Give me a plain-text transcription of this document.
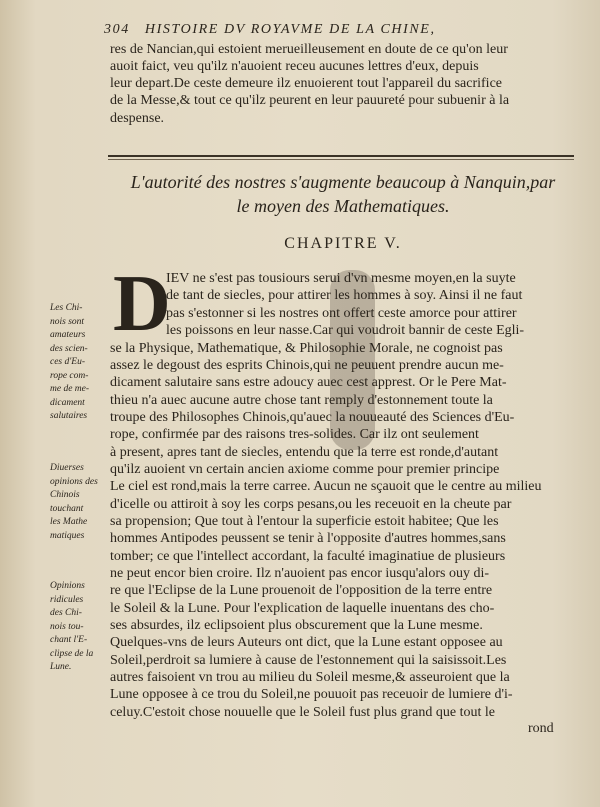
304 HISTOIRE DV ROYAVME DE LA CHINE,
res de Nancian,qui estoient merueilleusement en doute de ce qu'on leur
auoit faict, veu qu'ilz n'auoient receu aucunes lettres d'eux, depuis
leur depart.De ceste demeure ilz enuoierent tout l'appareil du sacrifice
de la Messe,& tout ce qu'ilz peurent en leur pauureté pour subuenir à la
despense.
L'autorité des nostres s'augmente beaucoup à Nanquin,par
le moyen des Mathematiques.
CHAPITRE V.
D
IEV ne s'est pas tousiours serui d'vn mesme moyen,en la suyte
de tant de siecles, pour attirer les hommes à soy. Ainsi il ne faut
pas s'estonner si les nostres ont offert ceste amorce pour attirer
les poissons en leur nasse.Car qui voudroit bannir de ceste Egli-
se la Physique, Mathematique, & Philosophie Morale, ne cognoist pas
assez le degoust des esprits Chinois,qui ne peuuent prendre aucun me-
dicament salutaire sans estre adoucy auec cest apprest. Or le Pere Mat-
thieu n'a auec aucune autre chose tant remply d'estonnement toute la
troupe des Philosophes Chinois,qu'auec la nouueauté des Sciences d'Eu-
rope, confirmée par des raisons tres-solides. Car ilz ont seulement
à present, apres tant de siecles, entendu que la terre est ronde,d'autant
qu'ilz auoient vn certain ancien axiome comme pour premier principe
Le ciel est rond,mais la terre carree. Aucun ne sçauoit que le centre au milieu
d'icelle ou attiroit à soy les corps pesans,ou les receuoit en la cheute par
sa propension; Que tout à l'entour la superficie estoit habitee; Que les
hommes Antipodes peussent se tenir à l'opposite d'autres hommes,sans
tomber; ce que l'intellect accordant, la faculté imaginatiue de plusieurs
ne peut encor bien croire. Ilz n'auoient pas encor iusqu'alors ouy di-
re que l'Eclipse de la Lune prouenoit de l'opposition de la terre entre
le Soleil & la Lune. Pour l'explication de laquelle inuentans des cho-
ses absurdes, ilz eclipsoient plus obscurement que la Lune mesme.
Quelques-vns de leurs Auteurs ont dict, que la Lune estant opposee au
Soleil,perdroit sa lumiere à cause de l'estonnement qui la saisissoit.Les
autres faisoient vn trou au milieu du Soleil mesme,& asseuroient que la
Lune opposee à ce trou du Soleil,ne pouuoit pas receuoir de lumiere d'i-
celuy.C'estoit chose nouuelle que le Soleil fust plus grand que tout le
rond
Les Chi-
nois sont
amateurs
des scien-
ces d'Eu-
rope com-
me de me-
dicament
salutaires
Diuerses
opinions des
Chinois
touchant
les Mathe
matiques
Opinions
ridicules
des Chi-
nois tou-
chant l'E-
clipse de la
Lune.
